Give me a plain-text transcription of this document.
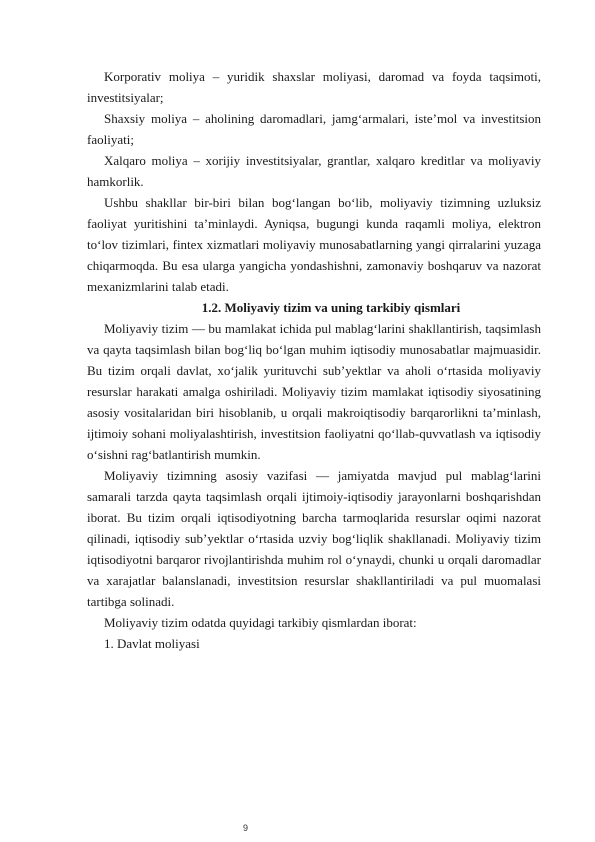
Korporativ moliya – yuridik shaxslar moliyasi, daromad va foyda taqsimoti, investitsiyalar;

Shaxsiy moliya – aholining daromadlari, jamg‘armalari, iste’mol va investitsion faoliyati;

Xalqaro moliya – xorijiy investitsiyalar, grantlar, xalqaro kreditlar va moliyaviy hamkorlik.

Ushbu shakllar bir-biri bilan bog‘langan bo‘lib, moliyaviy tizimning uzluksiz faoliyat yuritishini ta’minlaydi. Ayniqsa, bugungi kunda raqamli moliya, elektron to‘lov tizimlari, fintex xizmatlari moliyaviy munosabatlarning yangi qirralarini yuzaga chiqarmoqda. Bu esa ularga yangicha yondashishni, zamonaviy boshqaruv va nazorat mexanizmlarini talab etadi.

1.2. Moliyaviy tizim va uning tarkibiy qismlari

Moliyaviy tizim — bu mamlakat ichida pul mablag‘larini shakllantirish, taqsimlash va qayta taqsimlash bilan bog‘liq bo‘lgan muhim iqtisodiy munosabatlar majmuasidir. Bu tizim orqali davlat, xo‘jalik yurituvchi sub’yektlar va aholi o‘rtasida moliyaviy resurslar harakati amalga oshiriladi. Moliyaviy tizim mamlakat iqtisodiy siyosatining asosiy vositalaridan biri hisoblanib, u orqali makroiqtisodiy barqarorlikni ta’minlash, ijtimoiy sohani moliyalashtirish, investitsion faoliyatni qo‘llab-quvvatlash va iqtisodiy o‘sishni rag‘batlantirish mumkin.

Moliyaviy tizimning asosiy vazifasi — jamiyatda mavjud pul mablag‘larini samarali tarzda qayta taqsimlash orqali ijtimoiy-iqtisodiy jarayonlarni boshqarishdan iborat. Bu tizim orqali iqtisodiyotning barcha tarmoqlarida resurslar oqimi nazorat qilinadi, iqtisodiy sub’yektlar o‘rtasida uzviy bog‘liqlik shakllanadi. Moliyaviy tizim iqtisodiyotni barqaror rivojlantirishda muhim rol o‘ynaydi, chunki u orqali daromadlar va xarajatlar balanslanadi, investitsion resurslar shakllantiriladi va pul muomalasi tartibga solinadi.

Moliyaviy tizim odatda quyidagi tarkibiy qismlardan iborat:

1. Davlat moliyasi

9
